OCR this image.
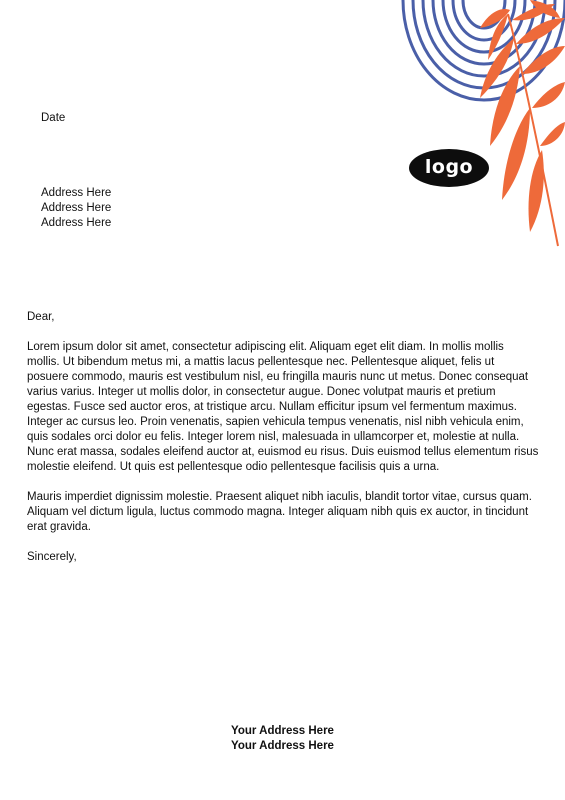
logo
Date
Address Here
Address Here
Address Here

Dear,

Lorem ipsum dolor sit amet, consectetur adipiscing elit. Aliquam eget elit diam. In mollis mollis mollis. Ut bibendum metus mi, a mattis lacus pellentesque nec. Pellentesque aliquet, felis ut posuere commodo, mauris est vestibulum nisl, eu fringilla mauris nunc ut metus. Donec consequat varius varius. Integer ut mollis dolor, in consectetur augue. Donec volutpat mauris et pretium egestas. Fusce sed auctor eros, at tristique arcu. Nullam efficitur ipsum vel fermentum maximus. Integer ac cursus leo. Proin venenatis, sapien vehicula tempus venenatis, nisl nibh vehicula enim, quis sodales orci dolor eu felis. Integer lorem nisl, malesuada in ullamcorper et, molestie at nulla. Nunc erat massa, sodales eleifend auctor at, euismod eu risus. Duis euismod tellus elementum risus molestie eleifend. Ut quis est pellentesque odio pellentesque facilisis quis a urna.

Mauris imperdiet dignissim molestie. Praesent aliquet nibh iaculis, blandit tortor vitae, cursus quam. Aliquam vel dictum ligula, luctus commodo magna. Integer aliquam nibh quis ex auctor, in tincidunt erat gravida.

Sincerely,

Your Address Here
Your Address Here
